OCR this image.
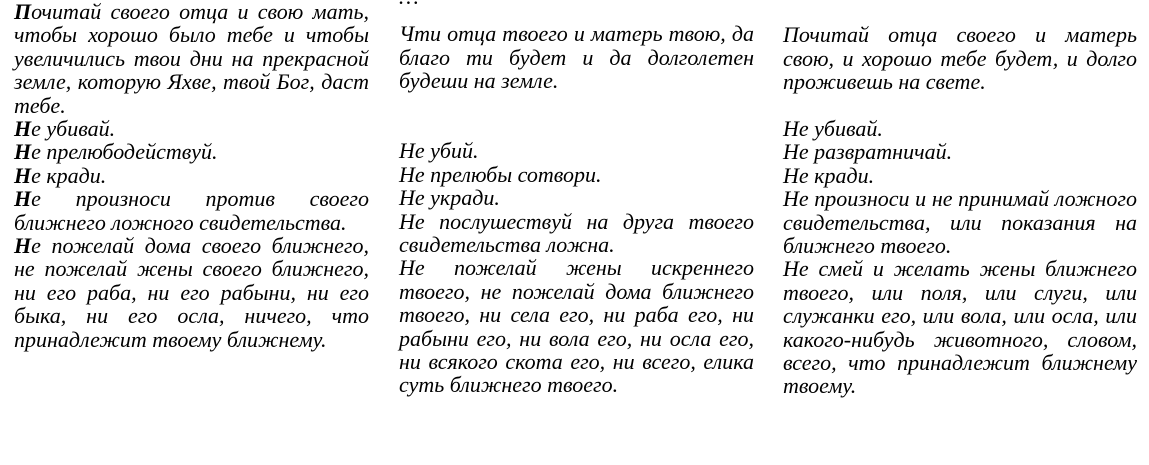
Почитай своего отца и свою мать, чтобы хорошо было тебе и чтобы увеличились твои дни на прекрасной земле, которую Яхве, твой Бог, даст тебе.

Не убивай.

Не прелюбодействуй.

Не кради.

Не произноси против своего ближнего ложного свидетельства.

Не пожелай дома своего ближнего, не пожелай жены своего ближнего, ни его раба, ни его рабыни, ни его быка, ни его осла, ничего, что принадлежит твоему ближнему.

Чти отца твоего и матерь твою, да благо ти будет и да долголетен будеши на земле.

Не убий.

Не прелюбы сотвори.

Не укради.

Не послушествуй на друга твоего свидетельства ложна.

Не пожелай жены искреннего твоего, не пожелай дома ближнего твоего, ни села его, ни раба его, ни рабыни его, ни вола его, ни осла его, ни всякого скота его, ни всего, елика суть ближнего твоего.

Почитай отца своего и матерь свою, и хорошо тебе будет, и долго проживешь на свете.

Не убивай.

Не развратничай.

Не кради.

Не произноси и не принимай ложного свидетельства, или показания на ближнего твоего.

Не смей и желать жены ближнего твоего, или поля, или слуги, или служанки его, или вола, или осла, или какого-нибудь животного, словом, всего, что принадлежит ближнему твоему.
